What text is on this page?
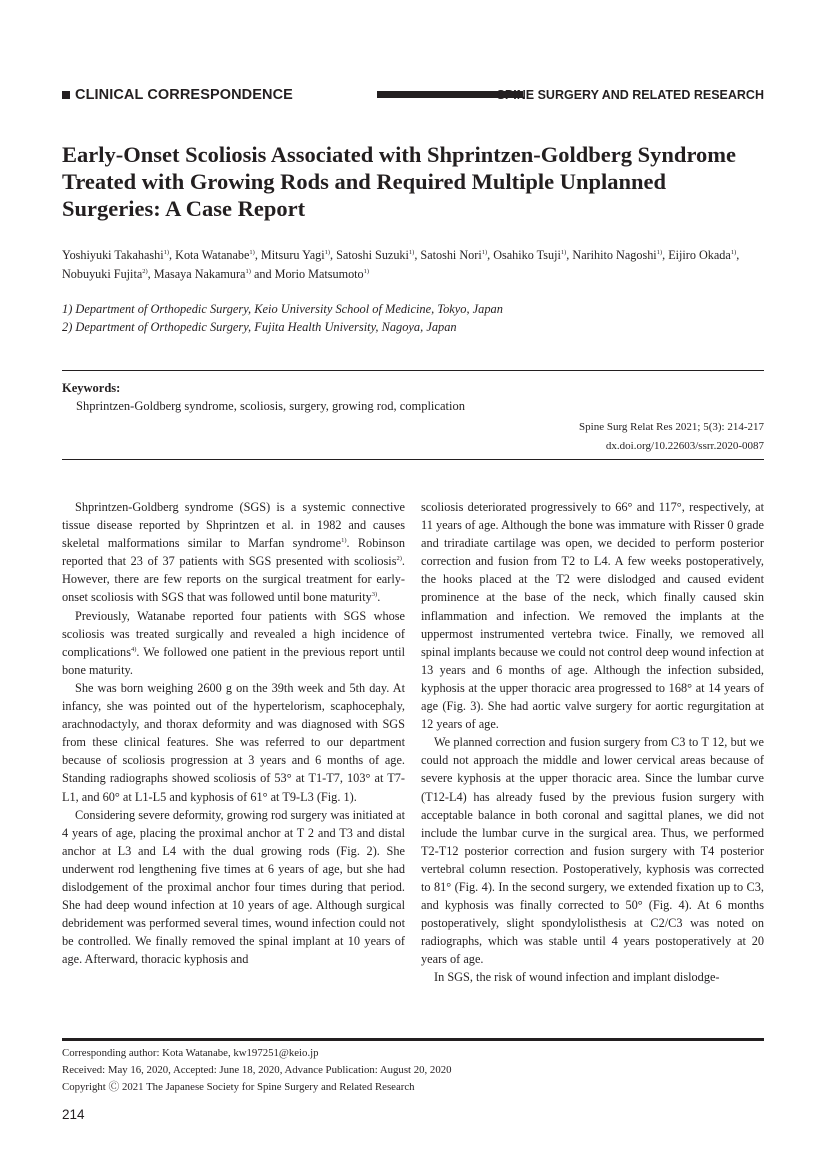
CLINICAL CORRESPONDENCE	SPINE SURGERY AND RELATED RESEARCH
Early-Onset Scoliosis Associated with Shprintzen-Goldberg Syndrome Treated with Growing Rods and Required Multiple Unplanned Surgeries: A Case Report
Yoshiyuki Takahashi$^{1)}$, Kota Watanabe$^{1)}$, Mitsuru Yagi$^{1)}$, Satoshi Suzuki$^{1)}$, Satoshi Nori$^{1)}$, Osahiko Tsuji$^{1)}$, Narihito Nagoshi$^{1)}$, Eijiro Okada$^{1)}$, Nobuyuki Fujita$^{2)}$, Masaya Nakamura$^{1)}$ and Morio Matsumoto$^{1)}$
1) Department of Orthopedic Surgery, Keio University School of Medicine, Tokyo, Japan
2) Department of Orthopedic Surgery, Fujita Health University, Nagoya, Japan
Keywords:
Shprintzen-Goldberg syndrome, scoliosis, surgery, growing rod, complication
Spine Surg Relat Res 2021; 5(3): 214-217
dx.doi.org/10.22603/ssrr.2020-0087

Shprintzen-Goldberg syndrome (SGS) is a systemic connective tissue disease reported by Shprintzen et al. in 1982 and causes skeletal malformations similar to Marfan syndrome$^{1)}$. Robinson reported that 23 of 37 patients with SGS presented with scoliosis$^{2)}$. However, there are few reports on the surgical treatment for early-onset scoliosis with SGS that was followed until bone maturity$^{3)}$.

Previously, Watanabe reported four patients with SGS whose scoliosis was treated surgically and revealed a high incidence of complications$^{4)}$. We followed one patient in the previous report until bone maturity.

She was born weighing 2600 g on the 39th week and 5th day. At infancy, she was pointed out of the hypertelorism, scaphocephaly, arachnodactyly, and thorax deformity and was diagnosed with SGS from these clinical features. She was referred to our department because of scoliosis progression at 3 years and 6 months of age. Standing radiographs showed scoliosis of 53° at T1-T7, 103° at T7-L1, and 60° at L1-L5 and kyphosis of 61° at T9-L3 (Fig. 1).

Considering severe deformity, growing rod surgery was initiated at 4 years of age, placing the proximal anchor at T 2 and T3 and distal anchor at L3 and L4 with the dual growing rods (Fig. 2). She underwent rod lengthening five times at 6 years of age, but she had dislodgement of the proximal anchor four times during that period. She had deep wound infection at 10 years of age. Although surgical debridement was performed several times, wound infection could not be controlled. We finally removed the spinal implant at 10 years of age. Afterward, thoracic kyphosis and

scoliosis deteriorated progressively to 66° and 117°, respectively, at 11 years of age. Although the bone was immature with Risser 0 grade and triradiate cartilage was open, we decided to perform posterior correction and fusion from T2 to L4. A few weeks postoperatively, the hooks placed at the T2 were dislodged and caused evident prominence at the base of the neck, which finally caused skin inflammation and infection. We removed the implants at the uppermost instrumented vertebra twice. Finally, we removed all spinal implants because we could not control deep wound infection at 13 years and 6 months of age. Although the infection subsided, kyphosis at the upper thoracic area progressed to 168° at 14 years of age (Fig. 3). She had aortic valve surgery for aortic regurgitation at 12 years of age.

We planned correction and fusion surgery from C3 to T 12, but we could not approach the middle and lower cervical areas because of severe kyphosis at the upper thoracic area. Since the lumbar curve (T12-L4) has already fused by the previous fusion surgery with acceptable balance in both coronal and sagittal planes, we did not include the lumbar curve in the surgical area. Thus, we performed T2-T12 posterior correction and fusion surgery with T4 posterior vertebral column resection. Postoperatively, kyphosis was corrected to 81° (Fig. 4). In the second surgery, we extended fixation up to C3, and kyphosis was finally corrected to 50° (Fig. 4). At 6 months postoperatively, slight spondylolisthesis at C2/C3 was noted on radiographs, which was stable until 4 years postoperatively at 20 years of age.

In SGS, the risk of wound infection and implant dislodge-

Corresponding author: Kota Watanabe, kw197251@keio.jp
Received: May 16, 2020, Accepted: June 18, 2020, Advance Publication: August 20, 2020
Copyright Ⓒ 2021 The Japanese Society for Spine Surgery and Related Research
214
